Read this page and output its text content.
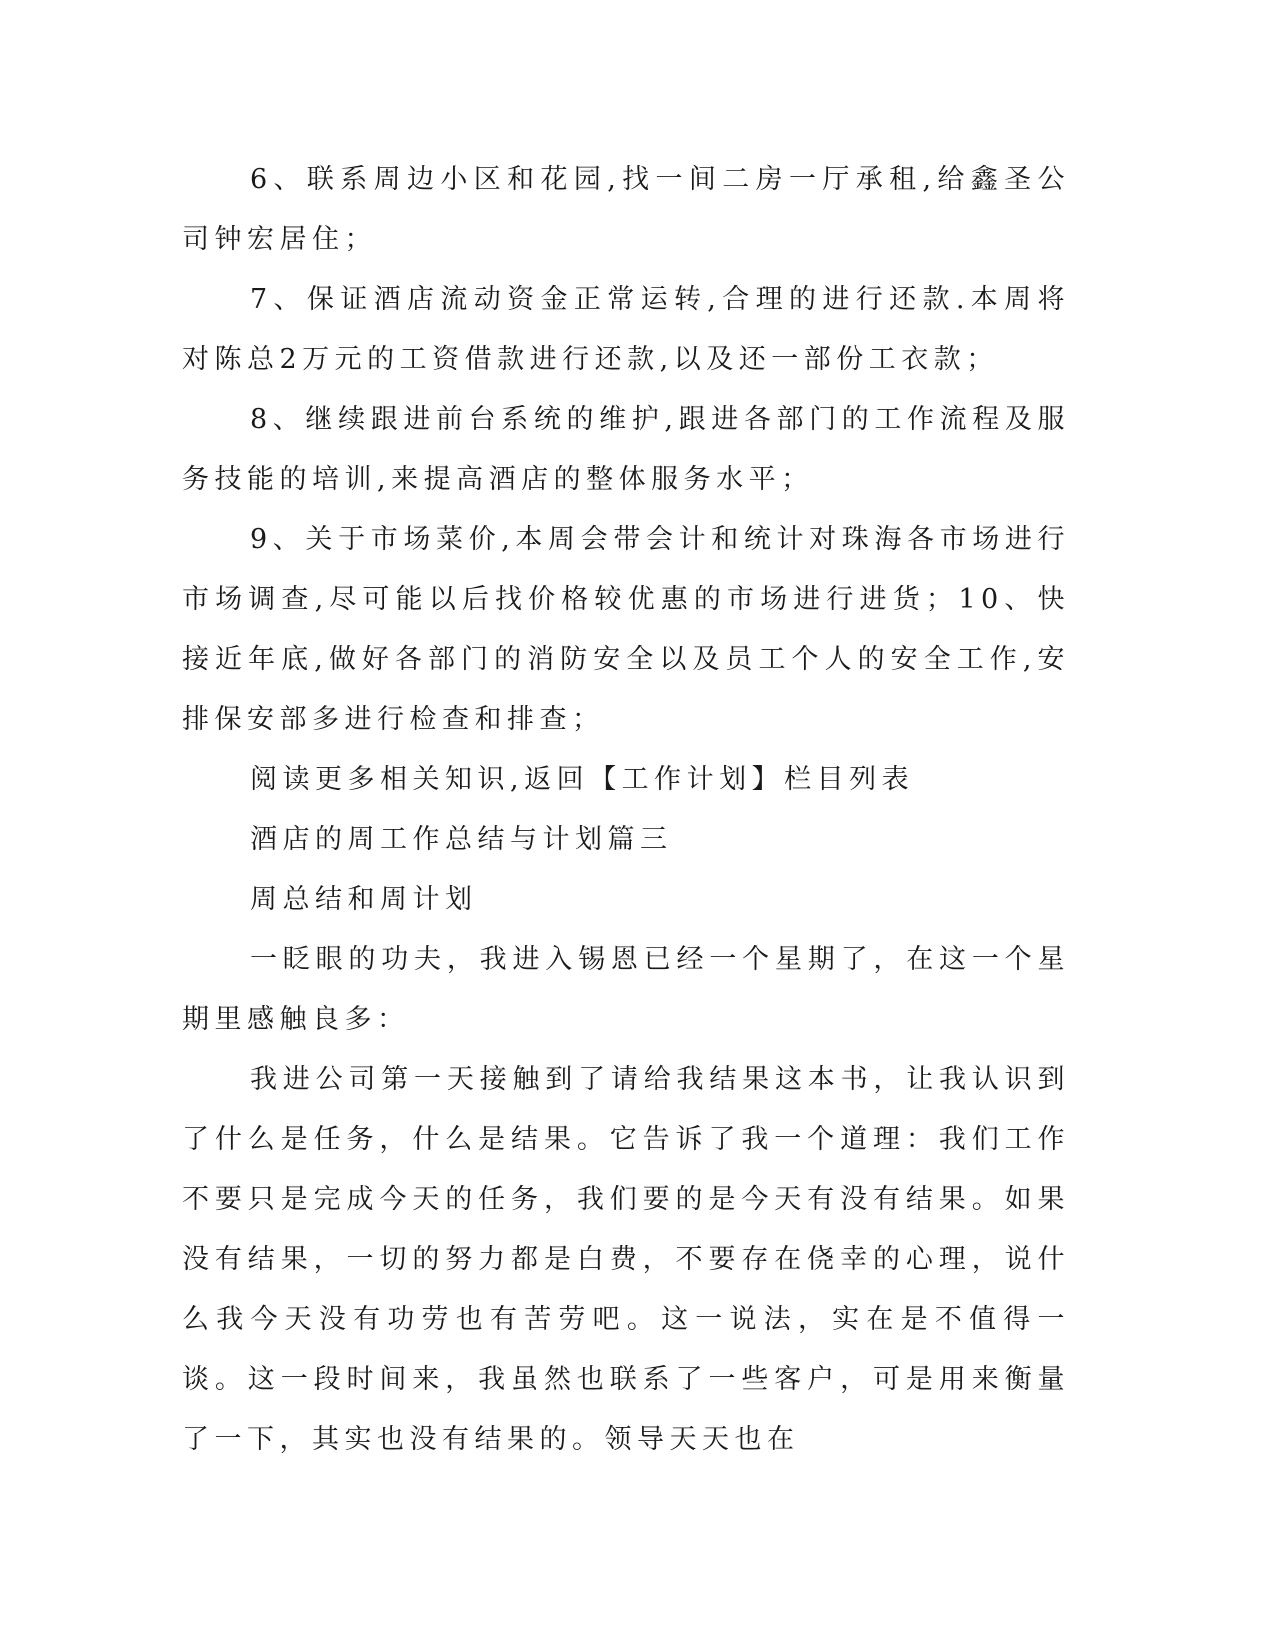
6、联系周边小区和花园,找一间二房一厅承租,给鑫圣公司钟宏居住；

7、保证酒店流动资金正常运转,合理的进行还款.本周将对陈总2万元的工资借款进行还款,以及还一部份工衣款；

8、继续跟进前台系统的维护,跟进各部门的工作流程及服务技能的培训,来提高酒店的整体服务水平；

9、关于市场菜价,本周会带会计和统计对珠海各市场进行市场调查,尽可能以后找价格较优惠的市场进行进货；10、快接近年底,做好各部门的消防安全以及员工个人的安全工作,安排保安部多进行检查和排查；

阅读更多相关知识,返回【工作计划】栏目列表

酒店的周工作总结与计划篇三

周总结和周计划

一眨眼的功夫，我进入锡恩已经一个星期了，在这一个星期里感触良多：

我进公司第一天接触到了请给我结果这本书，让我认识到了什么是任务，什么是结果。它告诉了我一个道理：我们工作不要只是完成今天的任务，我们要的是今天有没有结果。如果没有结果，一切的努力都是白费，不要存在侥幸的心理，说什么我今天没有功劳也有苦劳吧。这一说法，实在是不值得一谈。这一段时间来，我虽然也联系了一些客户，可是用来衡量了一下，其实也没有结果的。领导天天也在
